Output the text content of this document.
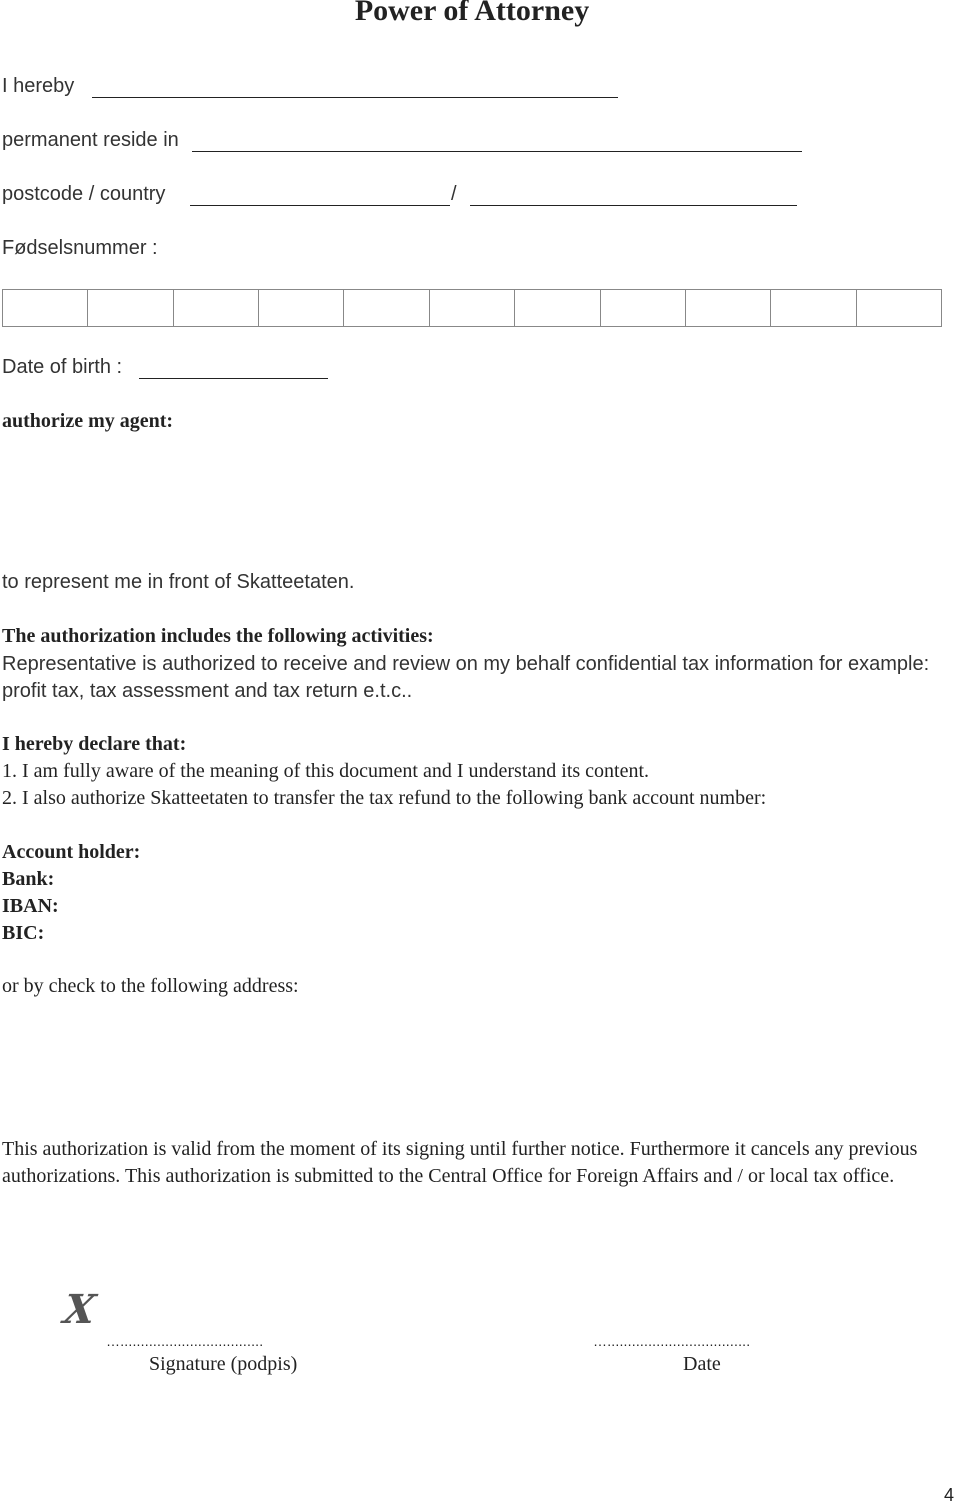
Power of Attorney
I hereby
permanent reside in
postcode / country	/
Fødselsnummer :
Date of birth :
authorize my agent:
to represent me in front of Skatteetaten.
The authorization includes the following activities:
Representative is authorized to receive and review on my behalf confidential tax information for example: profit tax, tax assessment and tax return e.t.c..
I hereby declare that:
1. I am fully aware of the meaning of this document and I understand its content.
2. I also authorize Skatteetaten to transfer the tax refund to the following bank account number:
Account holder:
Bank:
IBAN:
BIC:
or by check to the following address:
This authorization is valid from the moment of its signing until further notice. Furthermore it cancels any previous authorizations. This authorization is submitted to the Central Office for Foreign Affairs and / or local tax office.
X
…...................................
Signature (podpis)
…...................................
Date
4
